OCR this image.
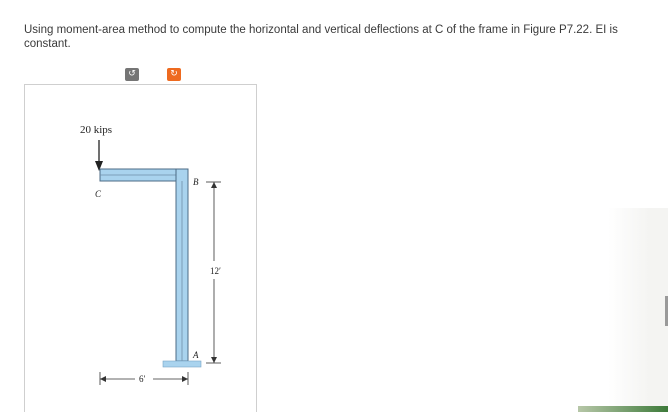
Using moment-area method to compute the horizontal and vertical deflections at C of the frame in Figure P7.22. EI is constant.
↺	↻
20 kips
C
B
A
12′
6′
